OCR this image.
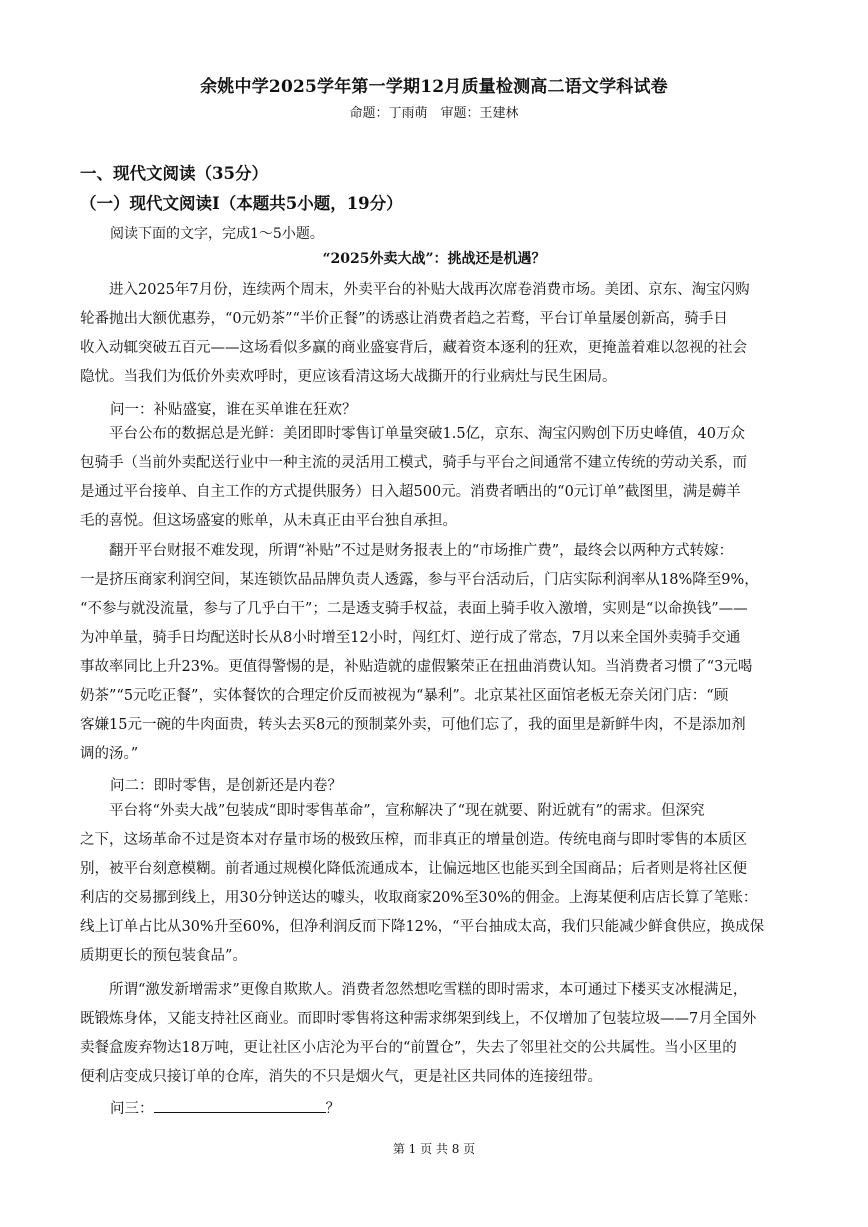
余姚中学2025学年第一学期12月质量检测高二语文学科试卷
命题：丁雨萌　审题：王建林
一、现代文阅读（35分）
（一）现代文阅读Ⅰ（本题共5小题，19分）
阅读下面的文字，完成1～5小题。
“2025外卖大战”：挑战还是机遇？
进入2025年7月份，连续两个周末，外卖平台的补贴大战再次席卷消费市场。美团、京东、淘宝闪购
轮番抛出大额优惠券，“0元奶茶”“半价正餐”的诱惑让消费者趋之若鹜，平台订单量屡创新高，骑手日
收入动辄突破五百元——这场看似多赢的商业盛宴背后，藏着资本逐利的狂欢，更掩盖着难以忽视的社会
隐忧。当我们为低价外卖欢呼时，更应该看清这场大战撕开的行业病灶与民生困局。
问一：补贴盛宴，谁在买单谁在狂欢？
平台公布的数据总是光鲜：美团即时零售订单量突破1.5亿，京东、淘宝闪购创下历史峰值，40万众
包骑手（当前外卖配送行业中一种主流的灵活用工模式，骑手与平台之间通常不建立传统的劳动关系，而
是通过平台接单、自主工作的方式提供服务）日入超500元。消费者晒出的“0元订单”截图里，满是薅羊
毛的喜悦。但这场盛宴的账单，从未真正由平台独自承担。
翻开平台财报不难发现，所谓“补贴”不过是财务报表上的“市场推广费”，最终会以两种方式转嫁：
一是挤压商家利润空间，某连锁饮品品牌负责人透露，参与平台活动后，门店实际利润率从18%降至9%，
“不参与就没流量，参与了几乎白干”；二是透支骑手权益，表面上骑手收入激增，实则是“以命换钱”——
为冲单量，骑手日均配送时长从8小时增至12小时，闯红灯、逆行成了常态，7月以来全国外卖骑手交通
事故率同比上升23%。更值得警惕的是，补贴造就的虚假繁荣正在扭曲消费认知。当消费者习惯了“3元喝
奶茶”“5元吃正餐”，实体餐饮的合理定价反而被视为“暴利”。北京某社区面馆老板无奈关闭门店：“顾
客嫌15元一碗的牛肉面贵，转头去买8元的预制菜外卖，可他们忘了，我的面里是新鲜牛肉，不是添加剂
调的汤。”
问二：即时零售，是创新还是内卷？
平台将“外卖大战”包装成“即时零售革命”，宣称解决了“现在就要、附近就有”的需求。但深究
之下，这场革命不过是资本对存量市场的极致压榨，而非真正的增量创造。传统电商与即时零售的本质区
别，被平台刻意模糊。前者通过规模化降低流通成本，让偏远地区也能买到全国商品；后者则是将社区便
利店的交易挪到线上，用30分钟送达的噱头，收取商家20%至30%的佣金。上海某便利店店长算了笔账：
线上订单占比从30%升至60%，但净利润反而下降12%，“平台抽成太高，我们只能减少鲜食供应，换成保
质期更长的预包装食品”。
所谓“激发新增需求”更像自欺欺人。消费者忽然想吃雪糕的即时需求，本可通过下楼买支冰棍满足，
既锻炼身体，又能支持社区商业。而即时零售将这种需求绑架到线上，不仅增加了包装垃圾——7月全国外
卖餐盒废弃物达18万吨，更让社区小店沦为平台的“前置仓”，失去了邻里社交的公共属性。当小区里的
便利店变成只接订单的仓库，消失的不只是烟火气，更是社区共同体的连接纽带。
问三：	？
第 1 页 共 8 页
